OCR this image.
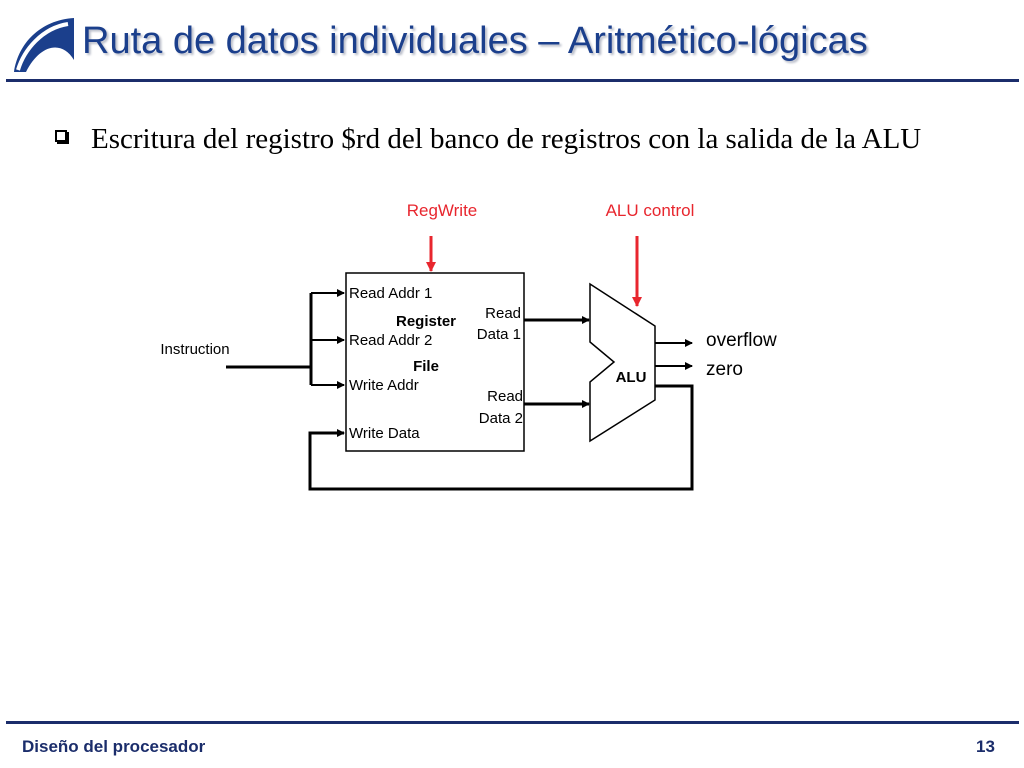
Ruta de datos individuales – Aritmético-lógicas
Escritura del registro $rd del banco de registros con la salida de la ALU
RegWrite	ALU control
Register
File
Read Addr 1
Read Addr 2
Write Addr
Write Data
Read
Data 1
Read
Data 2
Instruction
ALU
overflow
zero
Diseño del procesador	13
